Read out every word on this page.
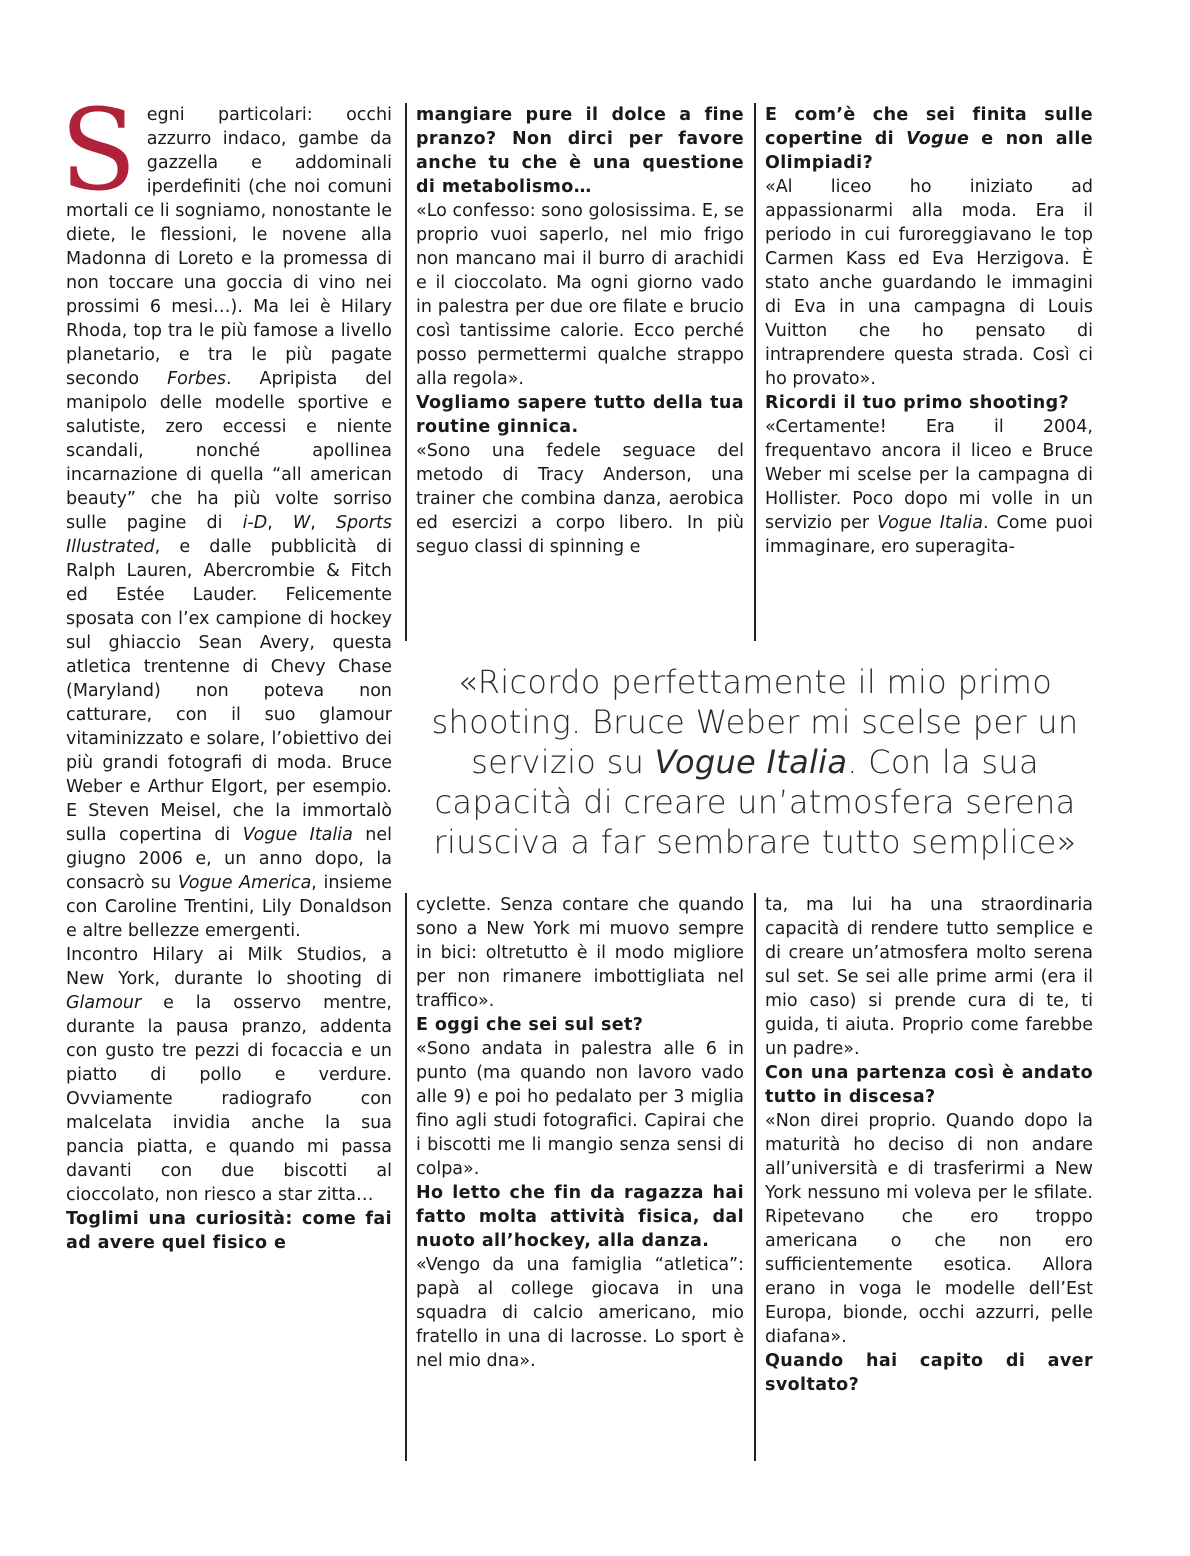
Segni particolari: occhi azzurro indaco, gambe da gazzella e addominali iperdefiniti (che noi comuni mortali ce li sogniamo, nonostante le diete, le flessioni, le novene alla Madonna di Loreto e la promessa di non toccare una goccia di vino nei prossimi 6 mesi…). Ma lei è Hilary Rhoda, top tra le più famose a livello planetario, e tra le più pagate secondo Forbes. Apripista del manipolo delle modelle sportive e salutiste, zero eccessi e niente scandali, nonché apollinea incarnazione di quella “all american beauty” che ha più volte sorriso sulle pagine di i-D, W, Sports Illustrated, e dalle pubblicità di Ralph Lauren, Abercrombie & Fitch ed Estée Lauder. Felicemente sposata con l’ex campione di hockey sul ghiaccio Sean Avery, questa atletica trentenne di Chevy Chase (Maryland) non poteva non catturare, con il suo glamour vitaminizzato e solare, l’obiettivo dei più grandi fotografi di moda. Bruce Weber e Arthur Elgort, per esempio. E Steven Meisel, che la immortalò sulla copertina di Vogue Italia nel giugno 2006 e, un anno dopo, la consacrò su Vogue America, insieme con Caroline Trentini, Lily Donaldson e altre bellezze emergenti.

Incontro Hilary ai Milk Studios, a New York, durante lo shooting di Glamour e la osservo mentre, durante la pausa pranzo, addenta con gusto tre pezzi di focaccia e un piatto di pollo e verdure. Ovviamente radiografo con malcelata invidia anche la sua pancia piatta, e quando mi passa davanti con due biscotti al cioccolato, non riesco a star zitta…

Toglimi una curiosità: come fai ad avere quel fisico e

mangiare pure il dolce a fine pranzo? Non dirci per favore anche tu che è una questione di metabolismo…

«Lo confesso: sono golosissima. E, se proprio vuoi saperlo, nel mio frigo non mancano mai il burro di arachidi e il cioccolato. Ma ogni giorno vado in palestra per due ore filate e brucio così tantissime calorie. Ecco perché posso permettermi qualche strappo alla regola».

Vogliamo sapere tutto della tua routine ginnica.

«Sono una fedele seguace del metodo di Tracy Anderson, una trainer che combina danza, aerobica ed esercizi a corpo libero. In più seguo classi di spinning e

E com’è che sei finita sulle copertine di Vogue e non alle Olimpiadi?

«Al liceo ho iniziato ad appassionarmi alla moda. Era il periodo in cui furoreggiavano le top Carmen Kass ed Eva Herzigova. È stato anche guardando le immagini di Eva in una campagna di Louis Vuitton che ho pensato di intraprendere questa strada. Così ci ho provato».

Ricordi il tuo primo shooting?

«Certamente! Era il 2004, frequentavo ancora il liceo e Bruce Weber mi scelse per la campagna di Hollister. Poco dopo mi volle in un servizio per Vogue Italia. Come puoi immaginare, ero superagita-

«Ricordo perfettamente il mio primo shooting. Bruce Weber mi scelse per un servizio su Vogue Italia. Con la sua capacità di creare un’atmosfera serena riusciva a far sembrare tutto semplice»

cyclette. Senza contare che quando sono a New York mi muovo sempre in bici: oltretutto è il modo migliore per non rimanere imbottigliata nel traffico».

E oggi che sei sul set?

«Sono andata in palestra alle 6 in punto (ma quando non lavoro vado alle 9) e poi ho pedalato per 3 miglia fino agli studi fotografici. Capirai che i biscotti me li mangio senza sensi di colpa».

Ho letto che fin da ragazza hai fatto molta attività fisica, dal nuoto all’hockey, alla danza.

«Vengo da una famiglia “atletica”: papà al college giocava in una squadra di calcio americano, mio fratello in una di lacrosse. Lo sport è nel mio dna».

ta, ma lui ha una straordinaria capacità di rendere tutto semplice e di creare un’atmosfera molto serena sul set. Se sei alle prime armi (era il mio caso) si prende cura di te, ti guida, ti aiuta. Proprio come farebbe un padre».

Con una partenza così è andato tutto in discesa?

«Non direi proprio. Quando dopo la maturità ho deciso di non andare all’università e di trasferirmi a New York nessuno mi voleva per le sfilate. Ripetevano che ero troppo americana o che non ero sufficientemente esotica. Allora erano in voga le modelle dell’Est Europa, bionde, occhi azzurri, pelle diafana».

Quando hai capito di aver svoltato?
